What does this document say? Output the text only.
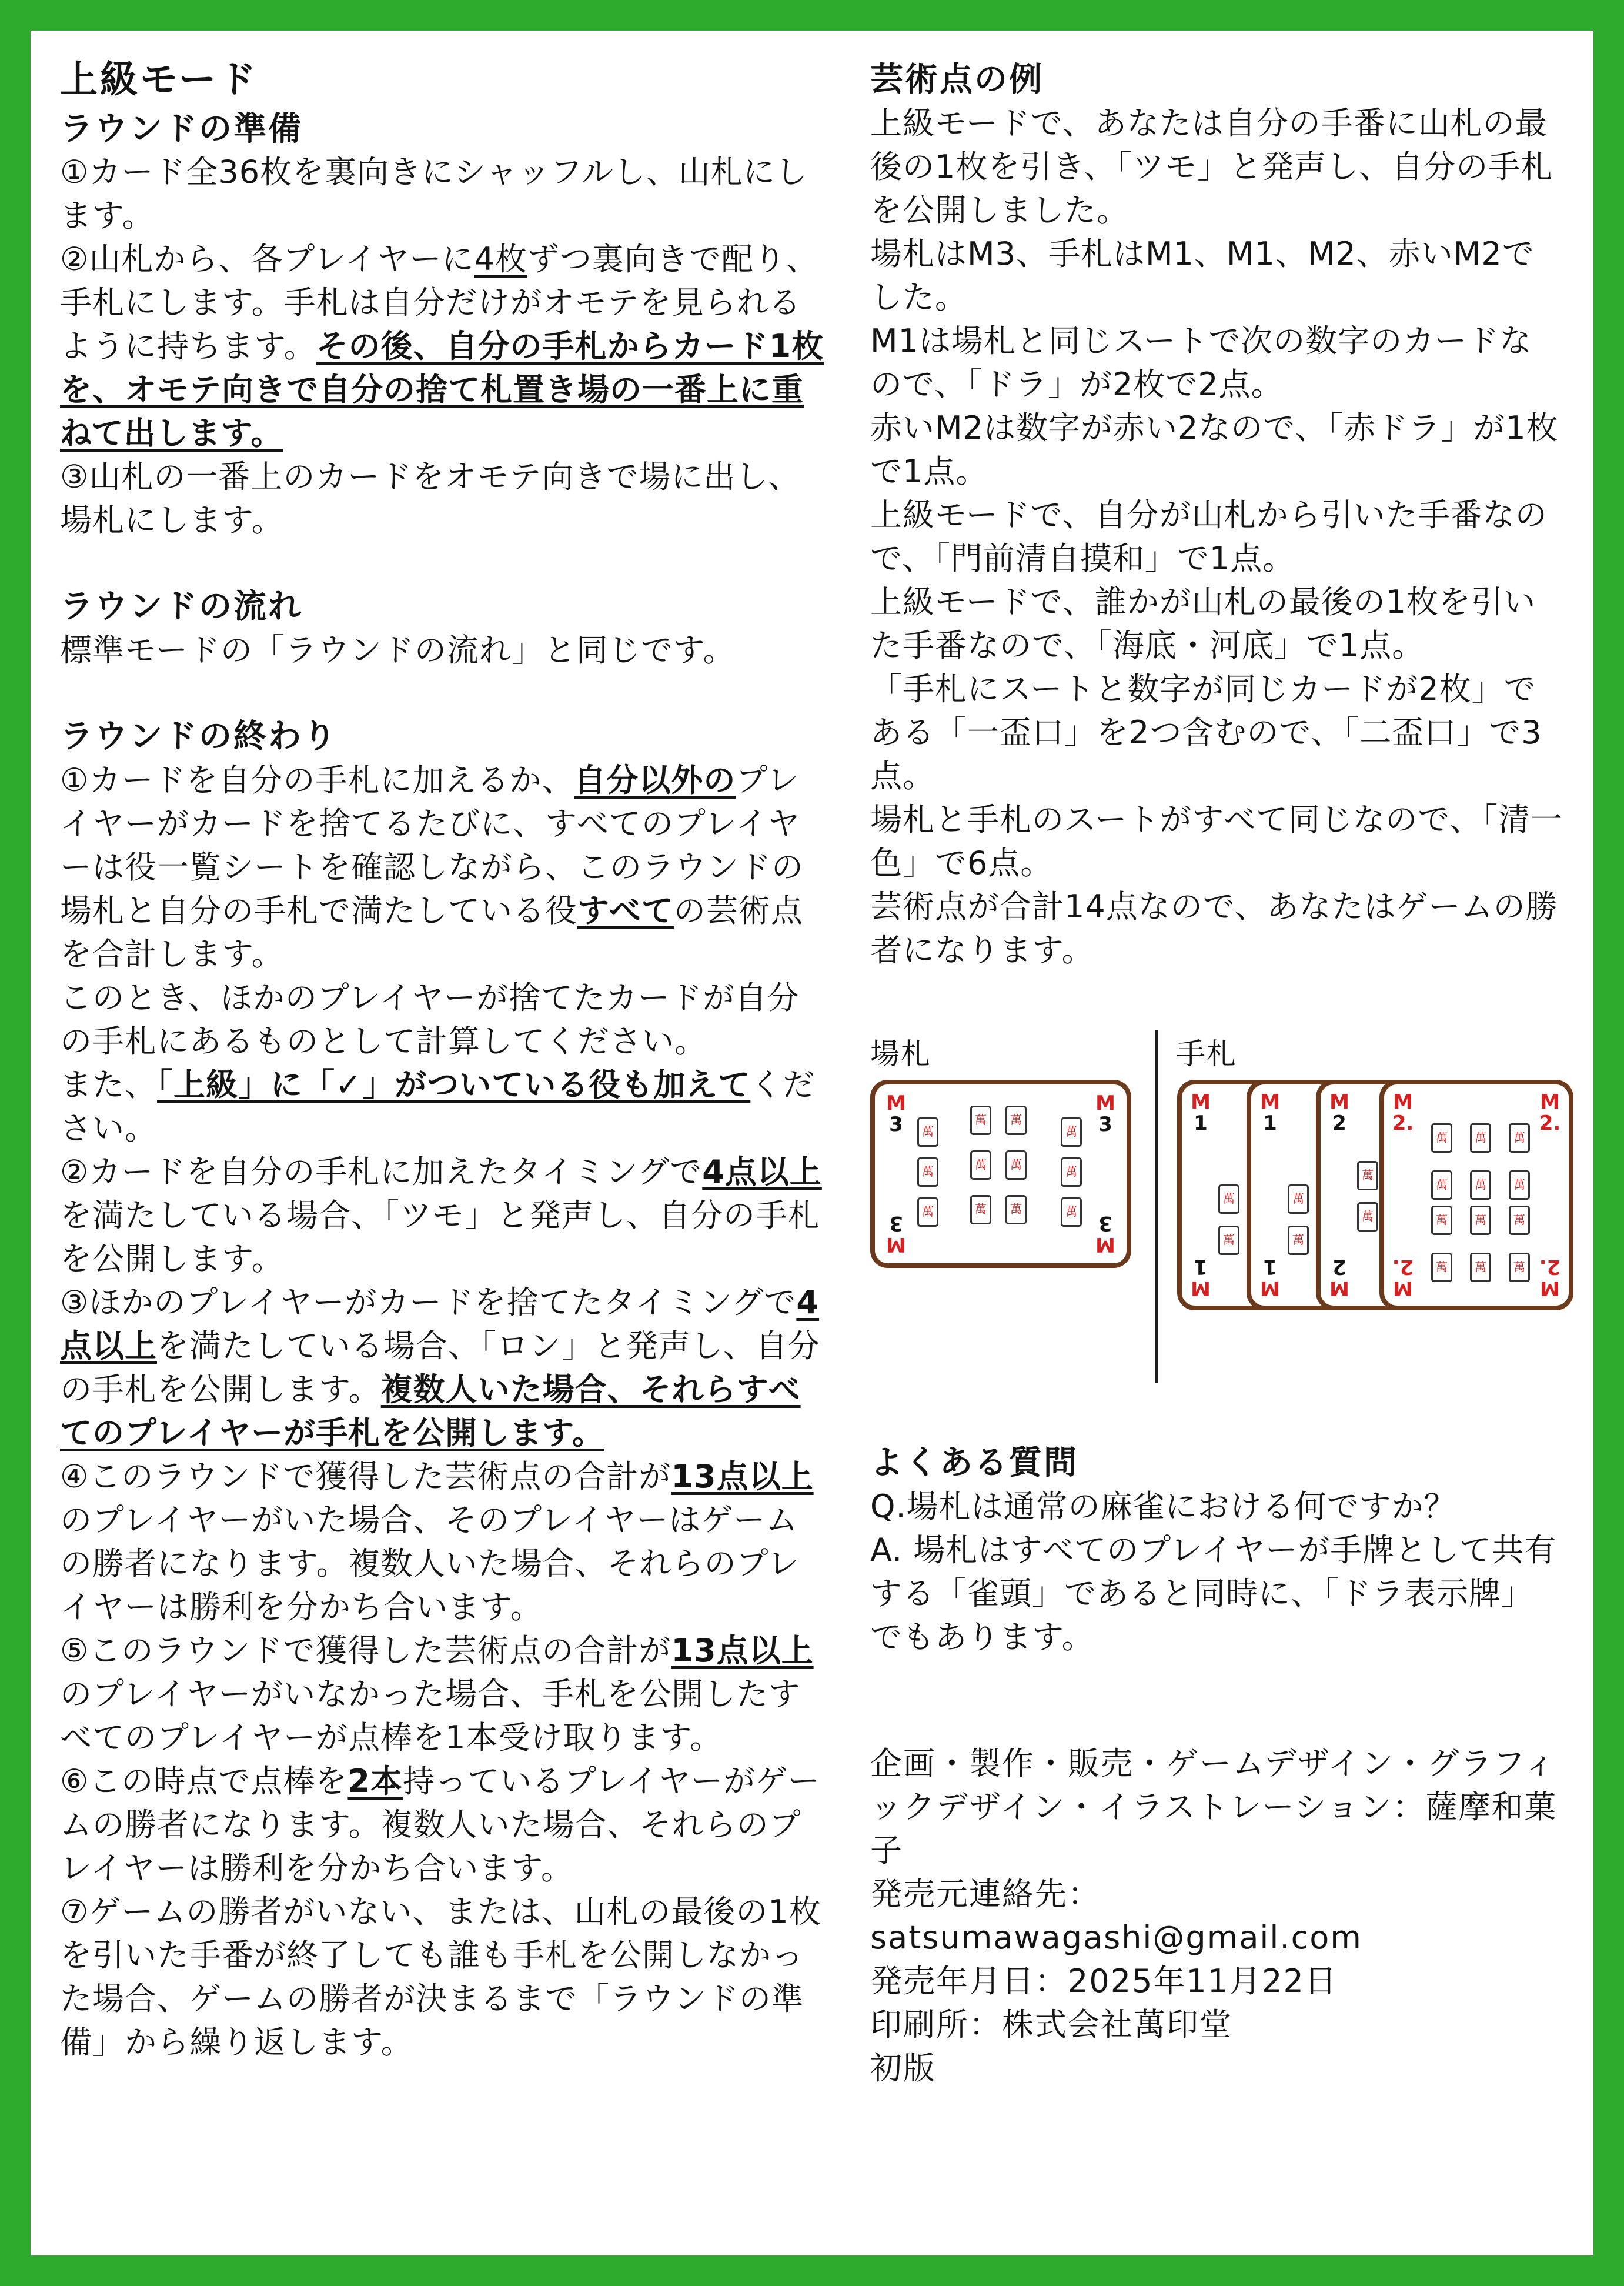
上級モード
ラウンドの準備

①カード全36枚を裏向きにシャッフルし、山札にします。

②山札から、各プレイヤーに4枚ずつ裏向きで配り、手札にします。手札は自分だけがオモテを見られるように持ちます。その後、自分の手札からカード1枚を、オモテ向きで自分の捨て札置き場の一番上に重ねて出します。

③山札の一番上のカードをオモテ向きで場に出し、場札にします。

ラウンドの流れ

標準モードの「ラウンドの流れ」と同じです。

ラウンドの終わり

①カードを自分の手札に加えるか、自分以外のプレイヤーがカードを捨てるたびに、すべてのプレイヤーは役一覧シートを確認しながら、このラウンドの場札と自分の手札で満たしている役すべての芸術点を合計します。

このとき、ほかのプレイヤーが捨てたカードが自分の手札にあるものとして計算してください。

また、「上級」に「✓」がついている役も加えてください。

②カードを自分の手札に加えたタイミングで4点以上を満たしている場合、「ツモ」と発声し、自分の手札を公開します。

③ほかのプレイヤーがカードを捨てたタイミングで4点以上を満たしている場合、「ロン」と発声し、自分の手札を公開します。複数人いた場合、それらすべてのプレイヤーが手札を公開します。

④このラウンドで獲得した芸術点の合計が13点以上のプレイヤーがいた場合、そのプレイヤーはゲームの勝者になります。複数人いた場合、それらのプレイヤーは勝利を分かち合います。

⑤このラウンドで獲得した芸術点の合計が13点以上のプレイヤーがいなかった場合、手札を公開したすべてのプレイヤーが点棒を1本受け取ります。

⑥この時点で点棒を2本持っているプレイヤーがゲームの勝者になります。複数人いた場合、それらのプレイヤーは勝利を分かち合います。

⑦ゲームの勝者がいない、または、山札の最後の1枚を引いた手番が終了しても誰も手札を公開しなかった場合、ゲームの勝者が決まるまで「ラウンドの準備」から繰り返します。

芸術点の例

上級モードで、あなたは自分の手番に山札の最後の1枚を引き、「ツモ」と発声し、自分の手札を公開しました。

場札はM3、手札はM1、M1、M2、赤いM2でした。

M1は場札と同じスートで次の数字のカードなので、「ドラ」が2枚で2点。

赤いM2は数字が赤い2なので、「赤ドラ」が1枚で1点。

上級モードで、自分が山札から引いた手番なので、「門前清自摸和」で1点。

上級モードで、誰かが山札の最後の1枚を引いた手番なので、「海底・河底」で1点。

「手札にスートと数字が同じカードが2枚」である「一盃口」を2つ含むので、「二盃口」で3点。

場札と手札のスートがすべて同じなので、「清一色」で6点。

芸術点が合計14点なので、あなたはゲームの勝者になります。

場札	手札
M
3
M
3
M
3
M
3
萬
萬
萬
萬
萬
萬
萬
萬
萬
萬
萬
萬
M
1
M
1
萬
萬
M
1
M
1
萬
萬
M
2
M
2
萬
萬
M
2.
M
2.
M
2.
M
2.
萬	萬	萬
萬	萬	萬
萬	萬	萬
萬	萬	萬
よくある質問

Q.場札は通常の麻雀における何ですか？

A. 場札はすべてのプレイヤーが手牌として共有する「雀頭」であると同時に、「ドラ表示牌」でもあります。

企画・製作・販売・ゲームデザイン・グラフィックデザイン・イラストレーション：薩摩和菓子

発売元連絡先：

satsumawagashi@gmail.com

発売年月日：2025年11月22日

印刷所：株式会社萬印堂

初版
